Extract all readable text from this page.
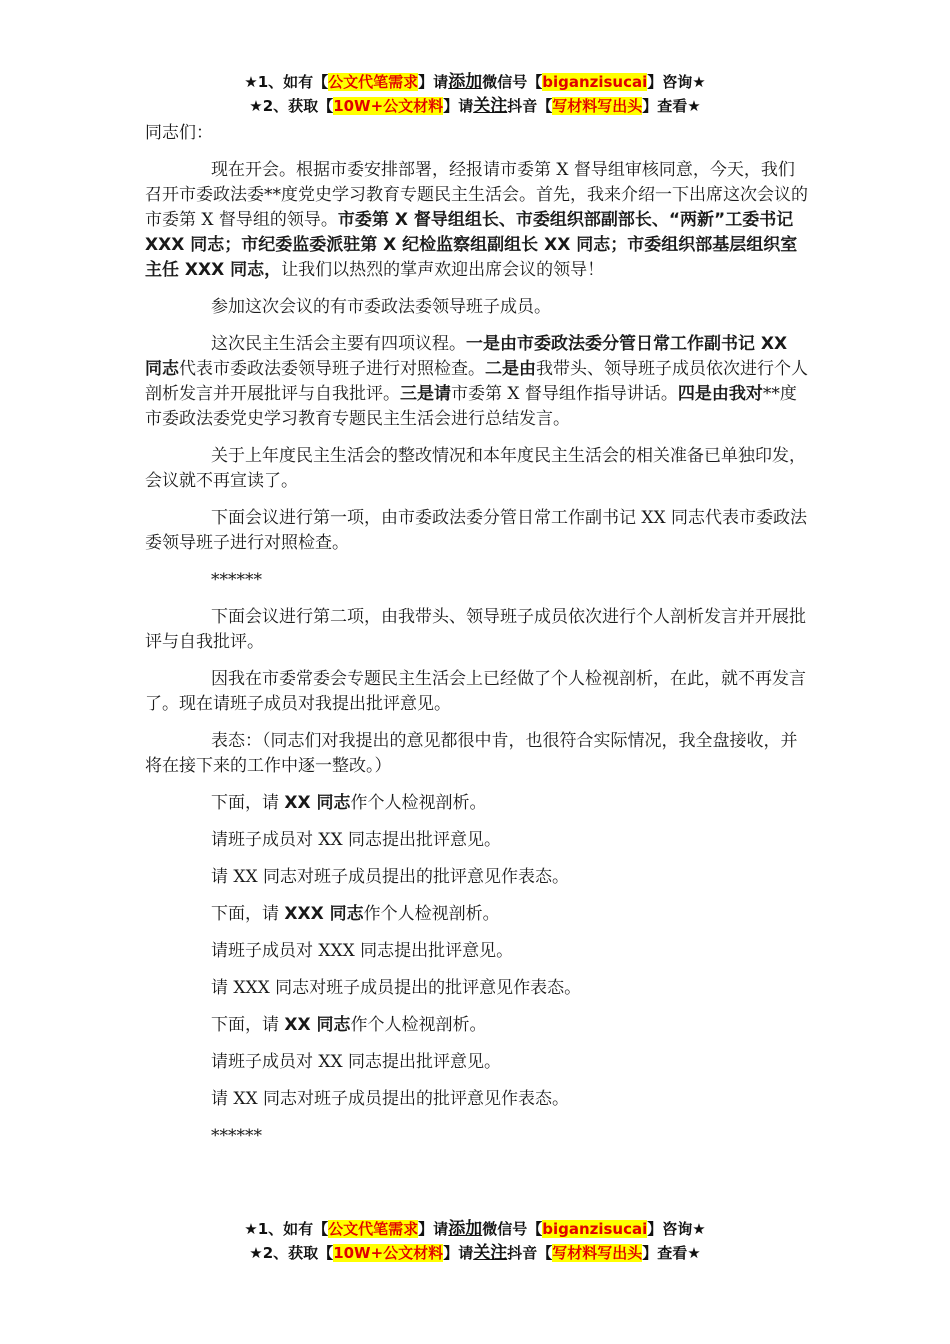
★1、如有【公文代笔需求】请添加微信号【biganzisucai】咨询★
★2、获取【10W+公文材料】请关注抖音【写材料写出头】查看★

同志们：

现在开会。根据市委安排部署，经报请市委第 X 督导组审核同意，今天，我们召开市委政法委**度党史学习教育专题民主生活会。首先，我来介绍一下出席这次会议的市委第 X 督导组的领导。市委第 X 督导组组长、市委组织部副部长、“两新”工委书记 XXX 同志；市纪委监委派驻第 X 纪检监察组副组长 XX 同志；市委组织部基层组织室主任 XXX 同志，让我们以热烈的掌声欢迎出席会议的领导！

参加这次会议的有市委政法委领导班子成员。

这次民主生活会主要有四项议程。一是由市委政法委分管日常工作副书记 XX 同志代表市委政法委领导班子进行对照检查。二是由我带头、领导班子成员依次进行个人剖析发言并开展批评与自我批评。三是请市委第 X 督导组作指导讲话。四是由我对**度市委政法委党史学习教育专题民主生活会进行总结发言。

关于上年度民主生活会的整改情况和本年度民主生活会的相关准备已单独印发，会议就不再宣读了。

下面会议进行第一项，由市委政法委分管日常工作副书记 XX 同志代表市委政法委领导班子进行对照检查。

******

下面会议进行第二项，由我带头、领导班子成员依次进行个人剖析发言并开展批评与自我批评。

因我在市委常委会专题民主生活会上已经做了个人检视剖析，在此，就不再发言了。现在请班子成员对我提出批评意见。

表态：（同志们对我提出的意见都很中肯，也很符合实际情况，我全盘接收，并将在接下来的工作中逐一整改。）

下面，请 XX 同志作个人检视剖析。

请班子成员对 XX 同志提出批评意见。

请 XX 同志对班子成员提出的批评意见作表态。

下面，请 XXX 同志作个人检视剖析。

请班子成员对 XXX 同志提出批评意见。

请 XXX 同志对班子成员提出的批评意见作表态。

下面，请 XX 同志作个人检视剖析。

请班子成员对 XX 同志提出批评意见。

请 XX 同志对班子成员提出的批评意见作表态。

******

★1、如有【公文代笔需求】请添加微信号【biganzisucai】咨询★
★2、获取【10W+公文材料】请关注抖音【写材料写出头】查看★
